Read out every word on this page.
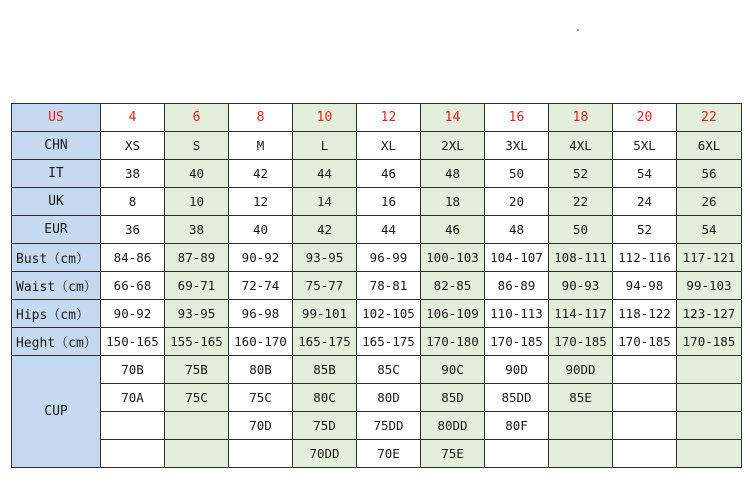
US	4	6	8	10	12	14	16	18	20	22
CHN	XS	S	M	L	XL	2XL	3XL	4XL	5XL	6XL
IT	38	40	42	44	46	48	50	52	54	56
UK	8	10	12	14	16	18	20	22	24	26
EUR	36	38	40	42	44	46	48	50	52	54
Bust（cm）	84-86	87-89	90-92	93-95	96-99	100-103	104-107	108-111	112-116	117-121
Waist（cm）	66-68	69-71	72-74	75-77	78-81	82-85	86-89	90-93	94-98	99-103
Hips（cm）	90-92	93-95	96-98	99-101	102-105	106-109	110-113	114-117	118-122	123-127
Heght（cm）	150-165	155-165	160-170	165-175	165-175	170-180	170-185	170-185	170-185	170-185
CUP	70B	75B	80B	85B	85C	90C	90D	90DD		
	70A	75C	75C	80C	80D	85D	85DD	85E		
			70D	75D	75DD	80DD	80F			
				70DD	70E	75E				
